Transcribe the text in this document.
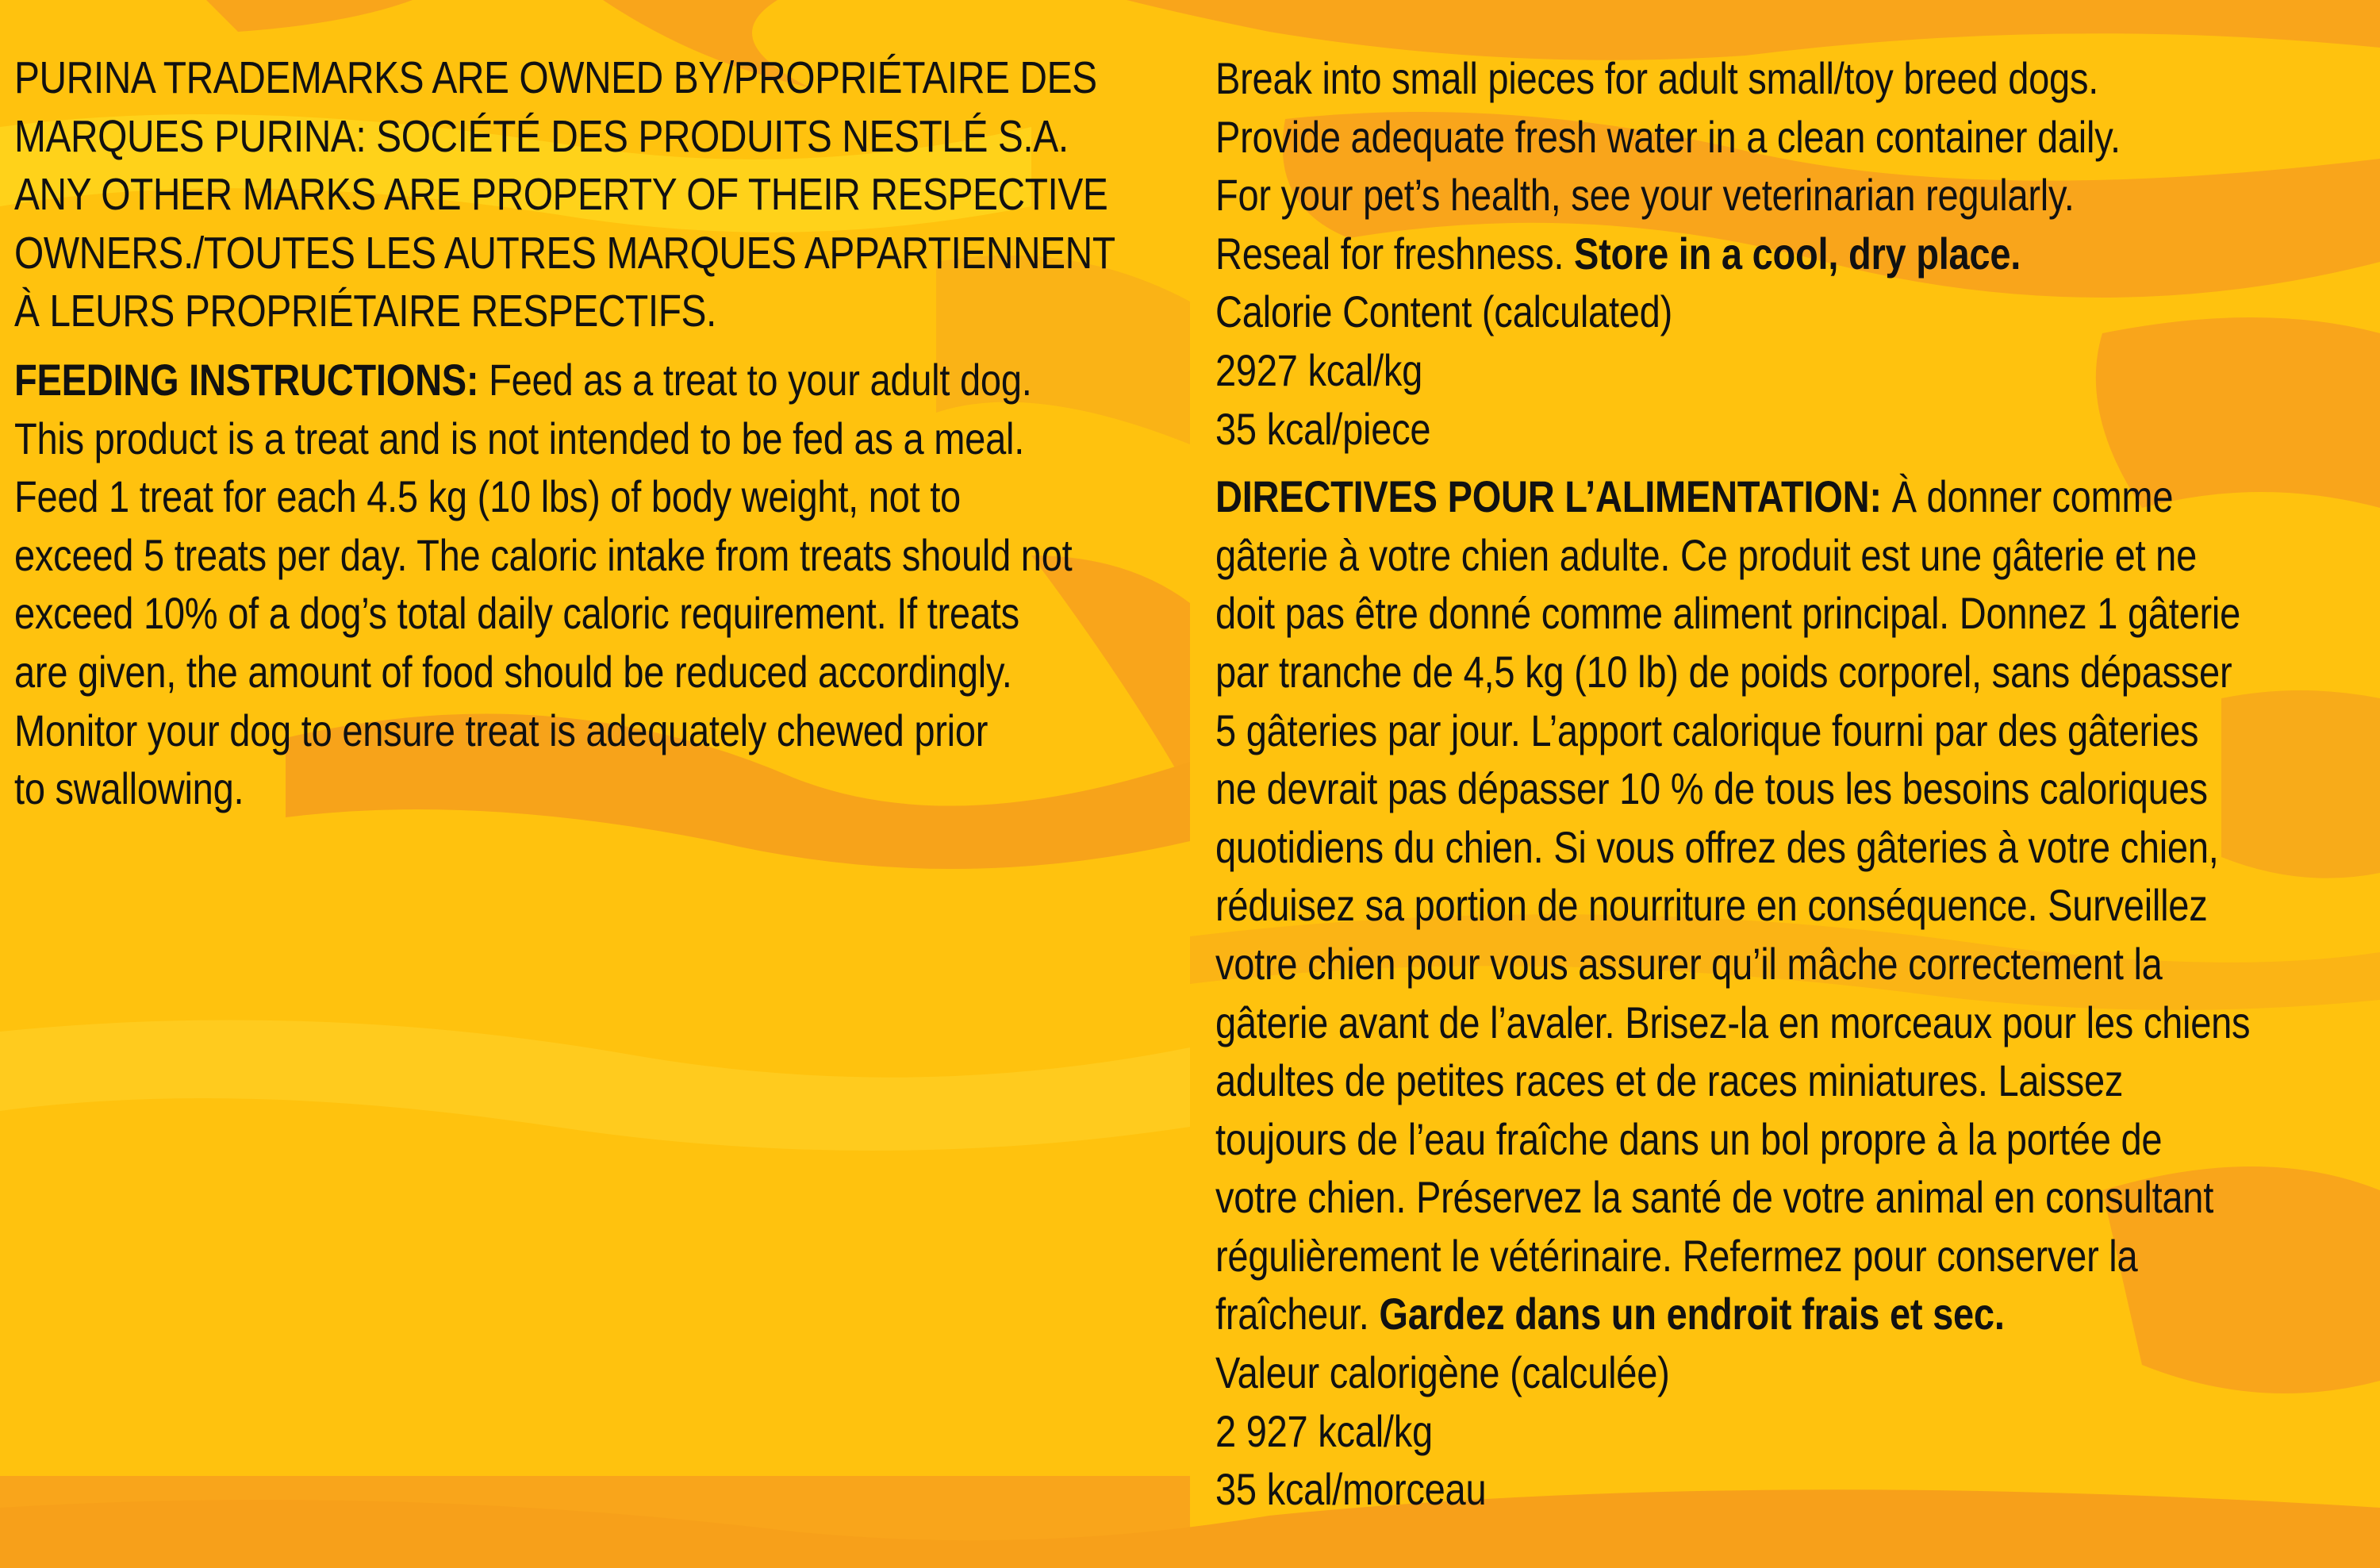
PURINA TRADEMARKS ARE OWNED BY/PROPRIÉTAIRE DES
MARQUES PURINA: SOCIÉTÉ DES PRODUITS NESTLÉ S.A.
ANY OTHER MARKS ARE PROPERTY OF THEIR RESPECTIVE
OWNERS./TOUTES LES AUTRES MARQUES APPARTIENNENT
À LEURS PROPRIÉTAIRE RESPECTIFS.
FEEDING INSTRUCTIONS: Feed as a treat to your adult dog.
This product is a treat and is not intended to be fed as a meal.
Feed 1 treat for each 4.5 kg (10 lbs) of body weight, not to
exceed 5 treats per day. The caloric intake from treats should not
exceed 10% of a dog’s total daily caloric requirement. If treats
are given, the amount of food should be reduced accordingly.
Monitor your dog to ensure treat is adequately chewed prior
to swallowing.
Break into small pieces for adult small/toy breed dogs.
Provide adequate fresh water in a clean container daily.
For your pet’s health, see your veterinarian regularly.
Reseal for freshness. Store in a cool, dry place.
Calorie Content (calculated)
2927 kcal/kg
35 kcal/piece
DIRECTIVES POUR L’ALIMENTATION: À donner comme
gâterie à votre chien adulte. Ce produit est une gâterie et ne
doit pas être donné comme aliment principal. Donnez 1 gâterie
par tranche de 4,5 kg (10 lb) de poids corporel, sans dépasser
5 gâteries par jour. L’apport calorique fourni par des gâteries
ne devrait pas dépasser 10 % de tous les besoins caloriques
quotidiens du chien. Si vous offrez des gâteries à votre chien,
réduisez sa portion de nourriture en conséquence. Surveillez
votre chien pour vous assurer qu’il mâche correctement la
gâterie avant de l’avaler. Brisez-la en morceaux pour les chiens
adultes de petites races et de races miniatures. Laissez
toujours de l’eau fraîche dans un bol propre à la portée de
votre chien. Préservez la santé de votre animal en consultant
régulièrement le vétérinaire. Refermez pour conserver la
fraîcheur. Gardez dans un endroit frais et sec.
Valeur calorigène (calculée)
2 927 kcal/kg
35 kcal/morceau
